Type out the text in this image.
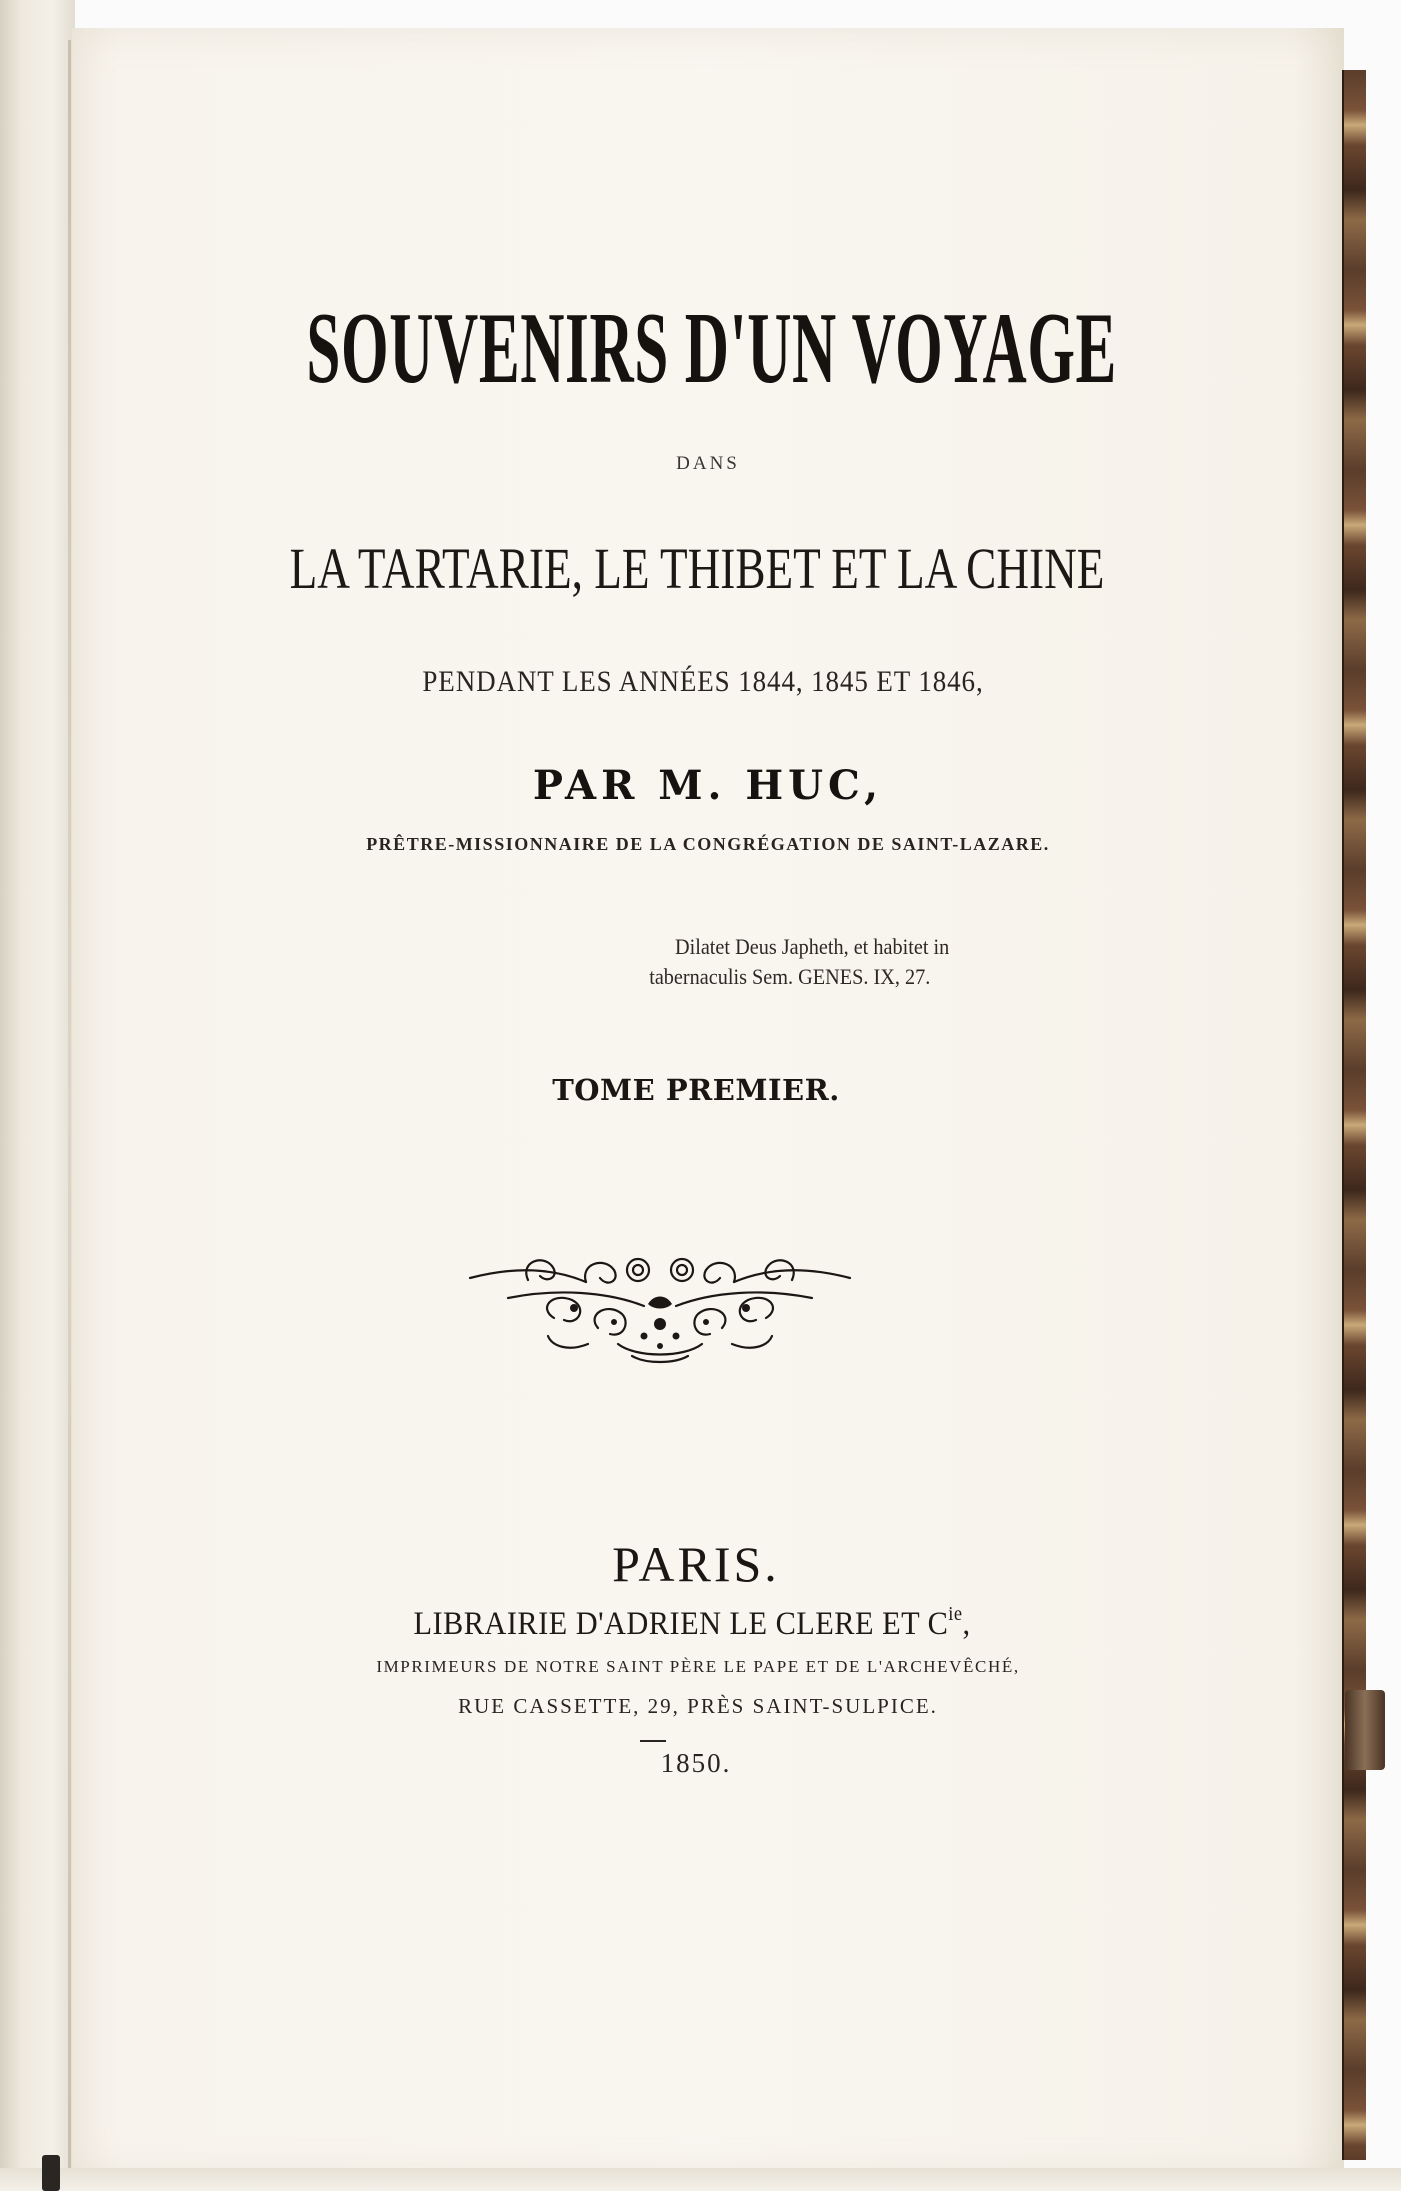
SOUVENIRS D'UN VOYAGE
DANS
LA TARTARIE, LE THIBET ET LA CHINE
PENDANT LES ANNÉES 1844, 1845 ET 1846,
PAR M. HUC,
PRÊTRE-MISSIONNAIRE DE LA CONGRÉGATION DE SAINT-LAZARE.
Dilatet Deus Japheth, et habitet in
tabernaculis Sem. GENES. IX, 27.
TOME PREMIER.
PARIS.
LIBRAIRIE D'ADRIEN LE CLERE ET $C^{ie}$,
IMPRIMEURS DE NOTRE SAINT PÈRE LE PAPE ET DE L'ARCHEVÊCHÉ,
RUE CASSETTE, 29, PRÈS SAINT-SULPICE.
1850.
